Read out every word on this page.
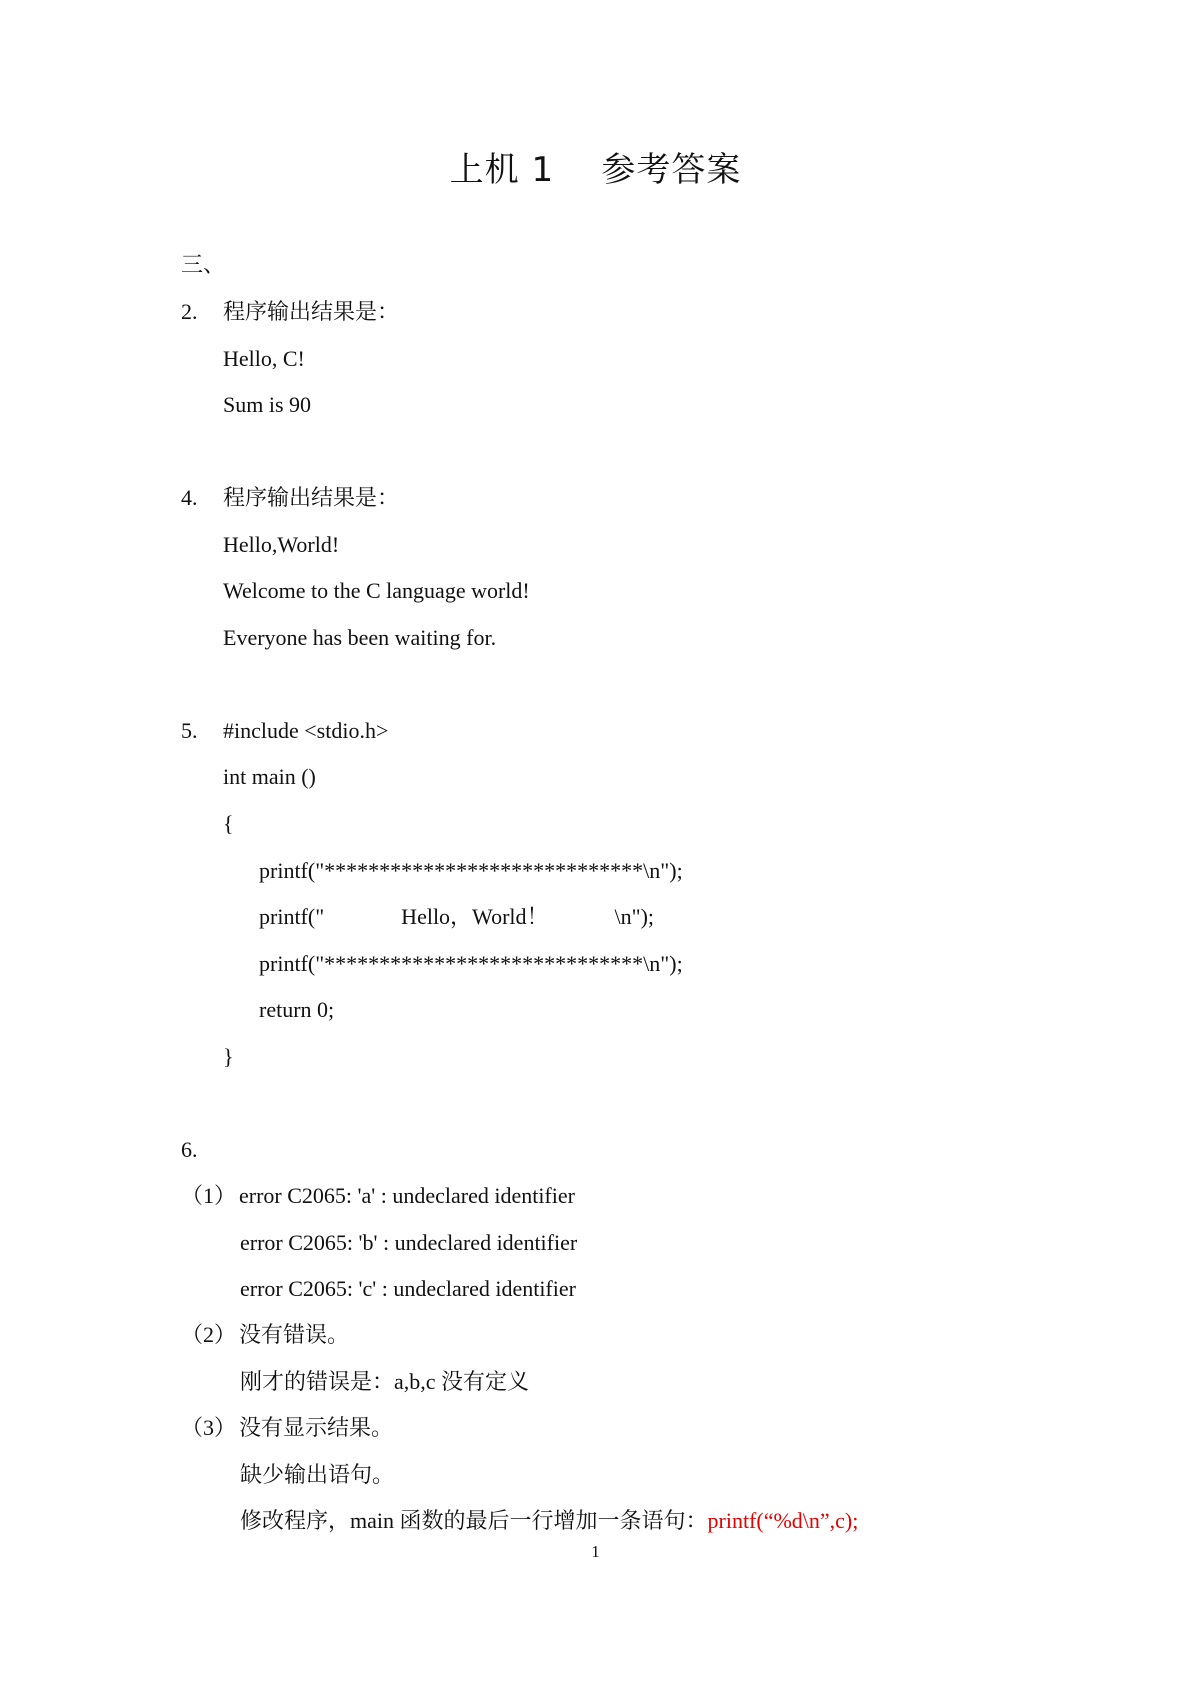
上机 1    参考答案
三、
2. 程序输出结果是：
Hello, C!
Sum is 90
4. 程序输出结果是：
Hello,World!
Welcome to the C language world!
Everyone has been waiting for.
5. #include <stdio.h>
int main ()
{
printf("*****************************\n");
printf("              Hello，World！            \n");
printf("*****************************\n");
return 0;
}
6.
（1） error C2065: 'a' : undeclared identifier
error C2065: 'b' : undeclared identifier
error C2065: 'c' : undeclared identifier
（2） 没有错误。
刚才的错误是：a,b,c 没有定义
（3） 没有显示结果。
缺少输出语句。
修改程序，main 函数的最后一行增加一条语句：printf(“%d\n”,c);
1
